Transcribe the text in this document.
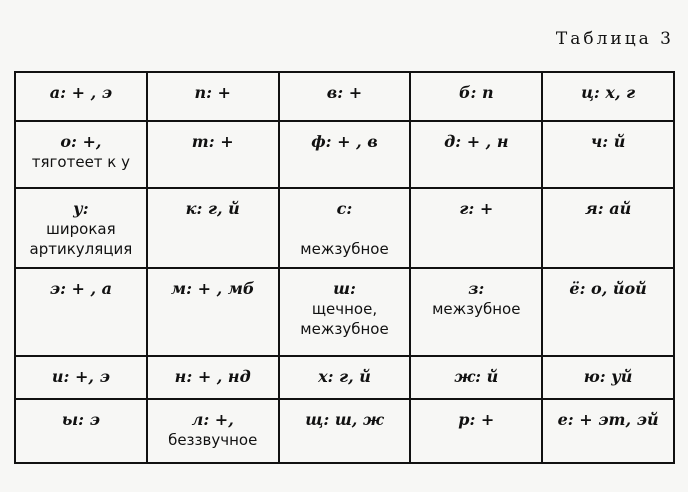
Таблица 3
а: + , э	п: +	в: +	б: п	ц: х, г

о: +,
тяготеет к у	т: +	ф: + , в	д: + , н	ч: й

у:
широкая артикуляция	к: г, й	с:
межзубное	г: +	я: ай

э: + , а	м: + , мб	ш:
щечное, межзубное	з:
межзубное	ё: о, йой

и: +, э	н: + , нд	х: г, й	ж: й	ю: уй

ы: э	л: +,
беззвучное	щ: ш, ж	р: +	е: + эт, эй
